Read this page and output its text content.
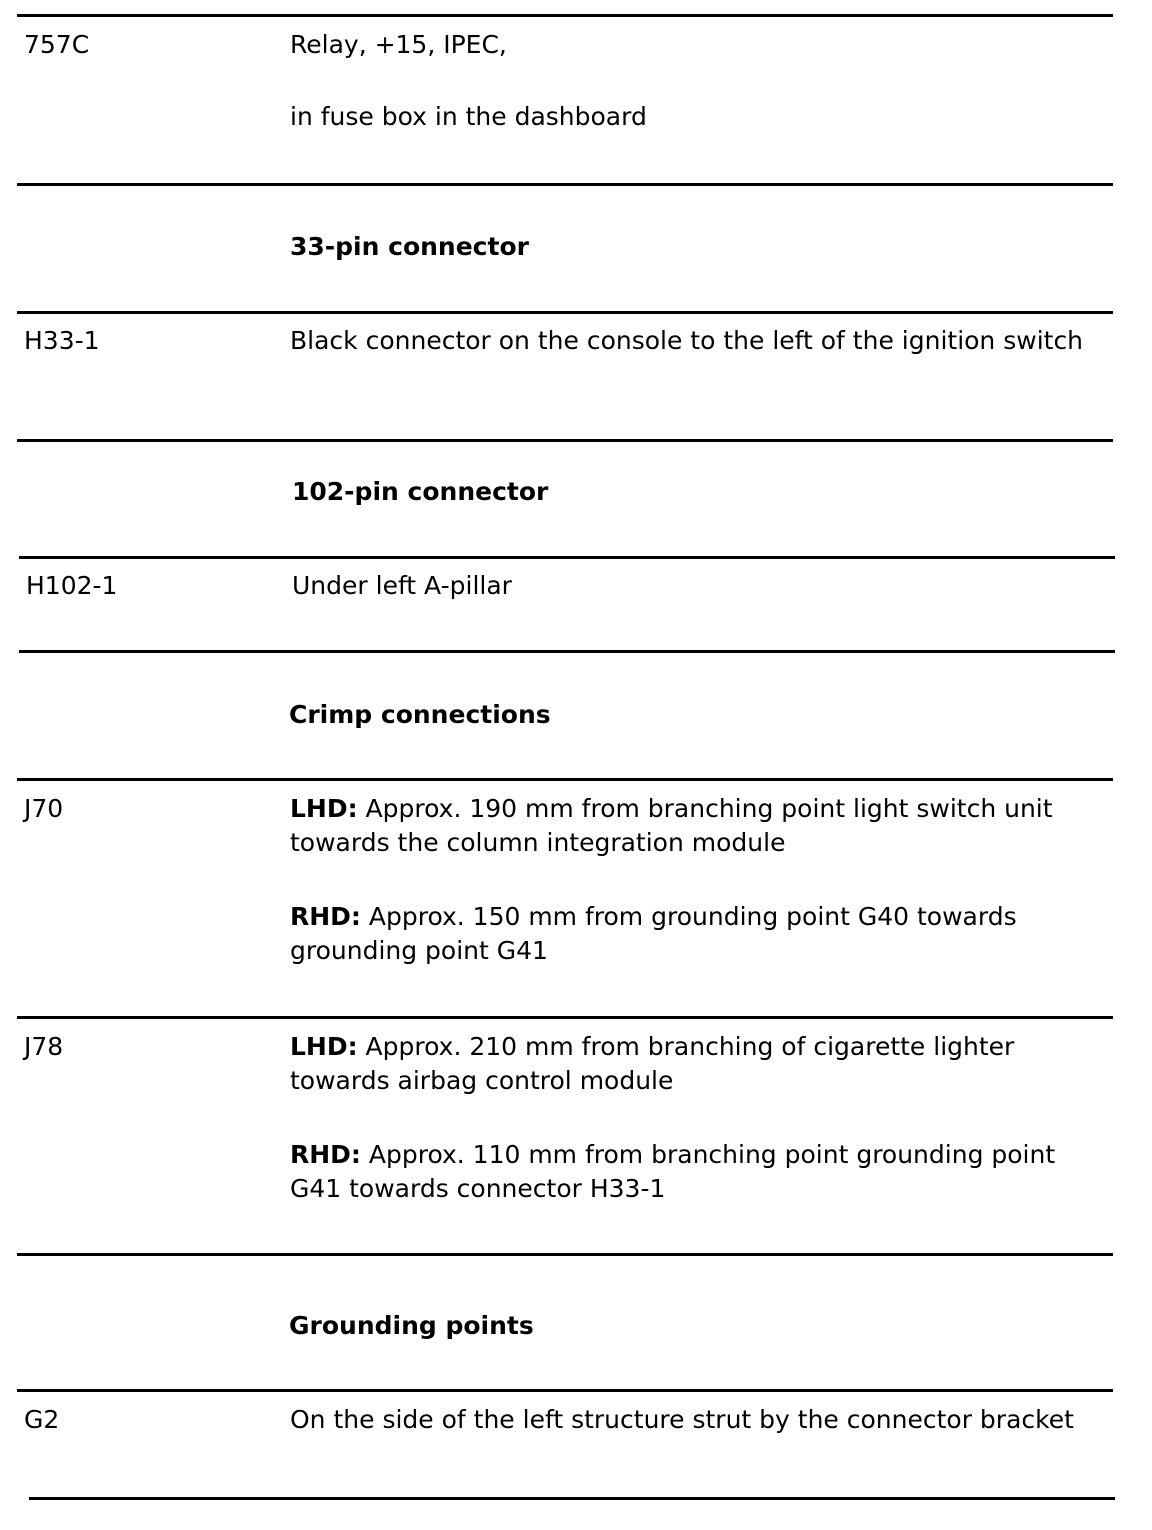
757C	Relay, +15, IPEC,

in fuse box in the dashboard

33-pin connector
H33-1	Black connector on the console to the left of the ignition switch

102-pin connector
H102-1	Under left A-pillar

Crimp connections
J70	LHD: Approx. 190 mm from branching point light switch unit towards the column integration module

RHD: Approx. 150 mm from grounding point G40 towards grounding point G41

J78	LHD: Approx. 210 mm from branching of cigarette lighter towards airbag control module

RHD: Approx. 110 mm from branching point grounding point G41 towards connector H33-1

Grounding points
G2	On the side of the left structure strut by the connector bracket
